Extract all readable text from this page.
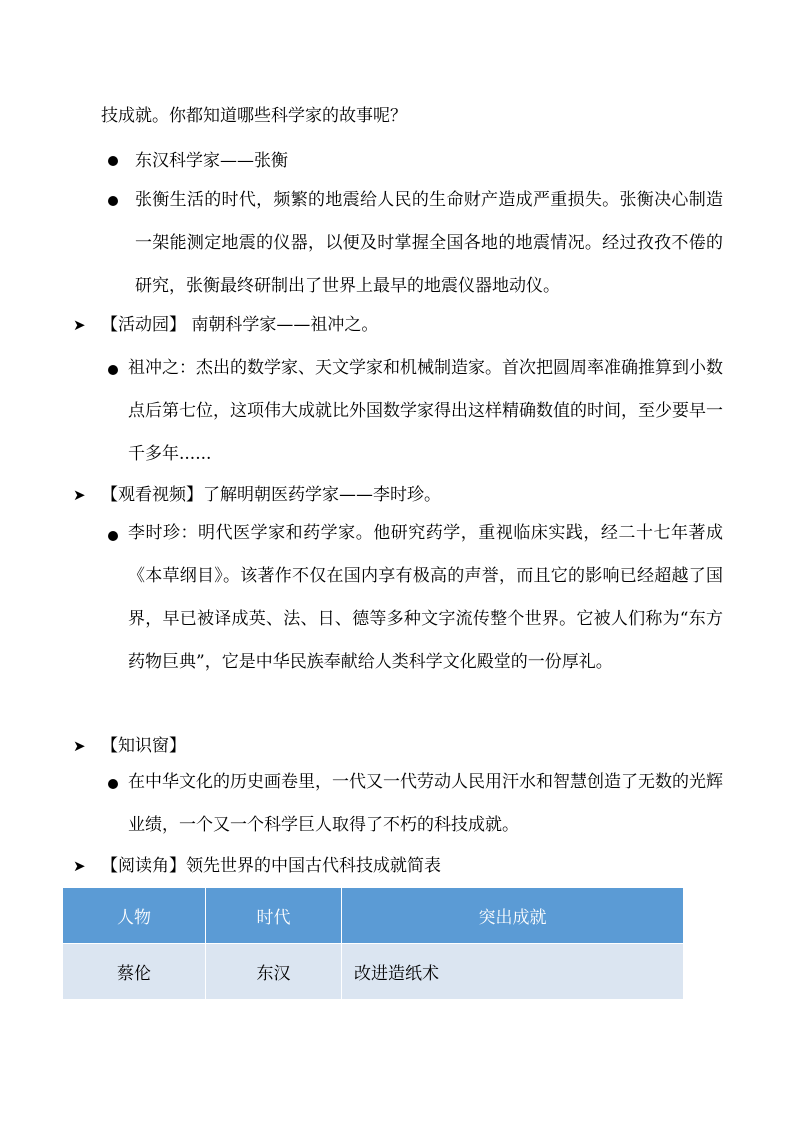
技成就。你都知道哪些科学家的故事呢？
东汉科学家——张衡
张衡生活的时代，频繁的地震给人民的生命财产造成严重损失。张衡决心制造一架能测定地震的仪器，以便及时掌握全国各地的地震情况。经过孜孜不倦的研究，张衡最终研制出了世界上最早的地震仪器地动仪。
➤ 【活动园】 南朝科学家——祖冲之。
祖冲之：杰出的数学家、天文学家和机械制造家。首次把圆周率准确推算到小数点后第七位，这项伟大成就比外国数学家得出这样精确数值的时间，至少要早一千多年......
➤ 【观看视频】了解明朝医药学家——李时珍。
李时珍：明代医学家和药学家。他研究药学，重视临床实践，经二十七年著成《本草纲目》。该著作不仅在国内享有极高的声誉，而且它的影响已经超越了国界，早已被译成英、法、日、德等多种文字流传整个世界。它被人们称为“东方药物巨典”，它是中华民族奉献给人类科学文化殿堂的一份厚礼。
➤ 【知识窗】
在中华文化的历史画卷里，一代又一代劳动人民用汗水和智慧创造了无数的光辉业绩，一个又一个科学巨人取得了不朽的科技成就。
➤ 【阅读角】领先世界的中国古代科技成就简表
人物	时代	突出成就
蔡伦	东汉	改进造纸术
